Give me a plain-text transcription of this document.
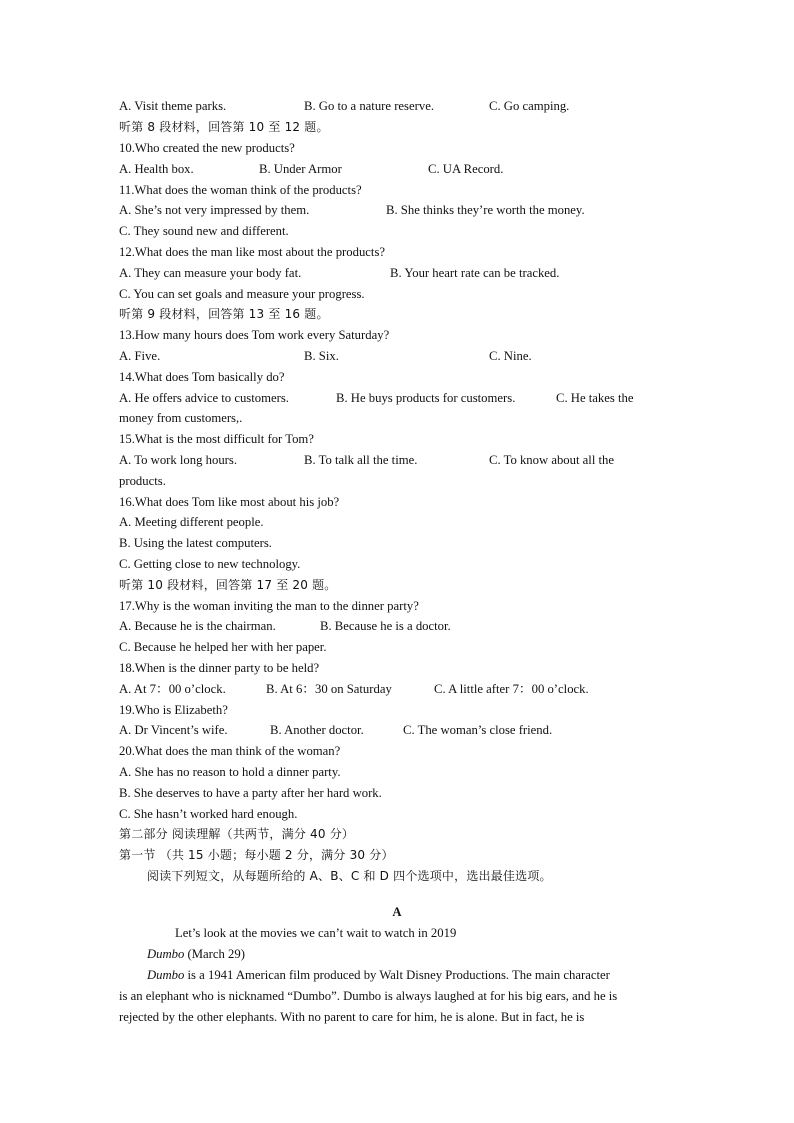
A. Visit theme parks.	B. Go to a nature reserve.	C. Go camping.
听第 8 段材料，回答第 10 至 12 题。
10.Who created the new products?
A. Health box.	B. Under Armor	C. UA Record.
11.What does the woman think of the products?
A. She’s not very impressed by them.	B. She thinks they’re worth the money.
C. They sound new and different.
12.What does the man like most about the products?
A. They can measure your body fat.	B. Your heart rate can be tracked.
C. You can set goals and measure your progress.
听第 9 段材料，回答第 13 至 16 题。
13.How many hours does Tom work every Saturday?
A. Five.	B. Six.	C. Nine.
14.What does Tom basically do?
A. He offers advice to customers.	B. He buys products for customers.	C. He takes the
money from customers,.
15.What is the most difficult for Tom?
A. To work long hours.	B. To talk all the time.	C. To know about all the
products.
16.What does Tom like most about his job?
A. Meeting different people.
B. Using the latest computers.
C. Getting close to new technology.
听第 10 段材料，回答第 17 至 20 题。
17.Why is the woman inviting the man to the dinner party?
A. Because he is the chairman.	B. Because he is a doctor.
C. Because he helped her with her paper.
18.When is the dinner party to be held?
A. At 7：00 o’clock.	B. At 6：30 on Saturday	C. A little after 7：00 o’clock.
19.Who is Elizabeth?
A. Dr Vincent’s wife.	B. Another doctor.	C. The woman’s close friend.
20.What does the man think of the woman?
A. She has no reason to hold a dinner party.
B. She deserves to have a party after her hard work.
C. She hasn’t worked hard enough.
第二部分 阅读理解（共两节，满分 40 分）
第一节 （共 15 小题；每小题 2 分，满分 30 分）
阅读下列短文，从每题所给的 A、B、C 和 D 四个选项中，选出最佳选项。
A
Let’s look at the movies we can’t wait to watch in 2019
Dumbo (March 29)
Dumbo is a 1941 American film produced by Walt Disney Productions. The main character
is an elephant who is nicknamed “Dumbo”. Dumbo is always laughed at for his big ears, and he is
rejected by the other elephants. With no parent to care for him, he is alone. But in fact, he is
